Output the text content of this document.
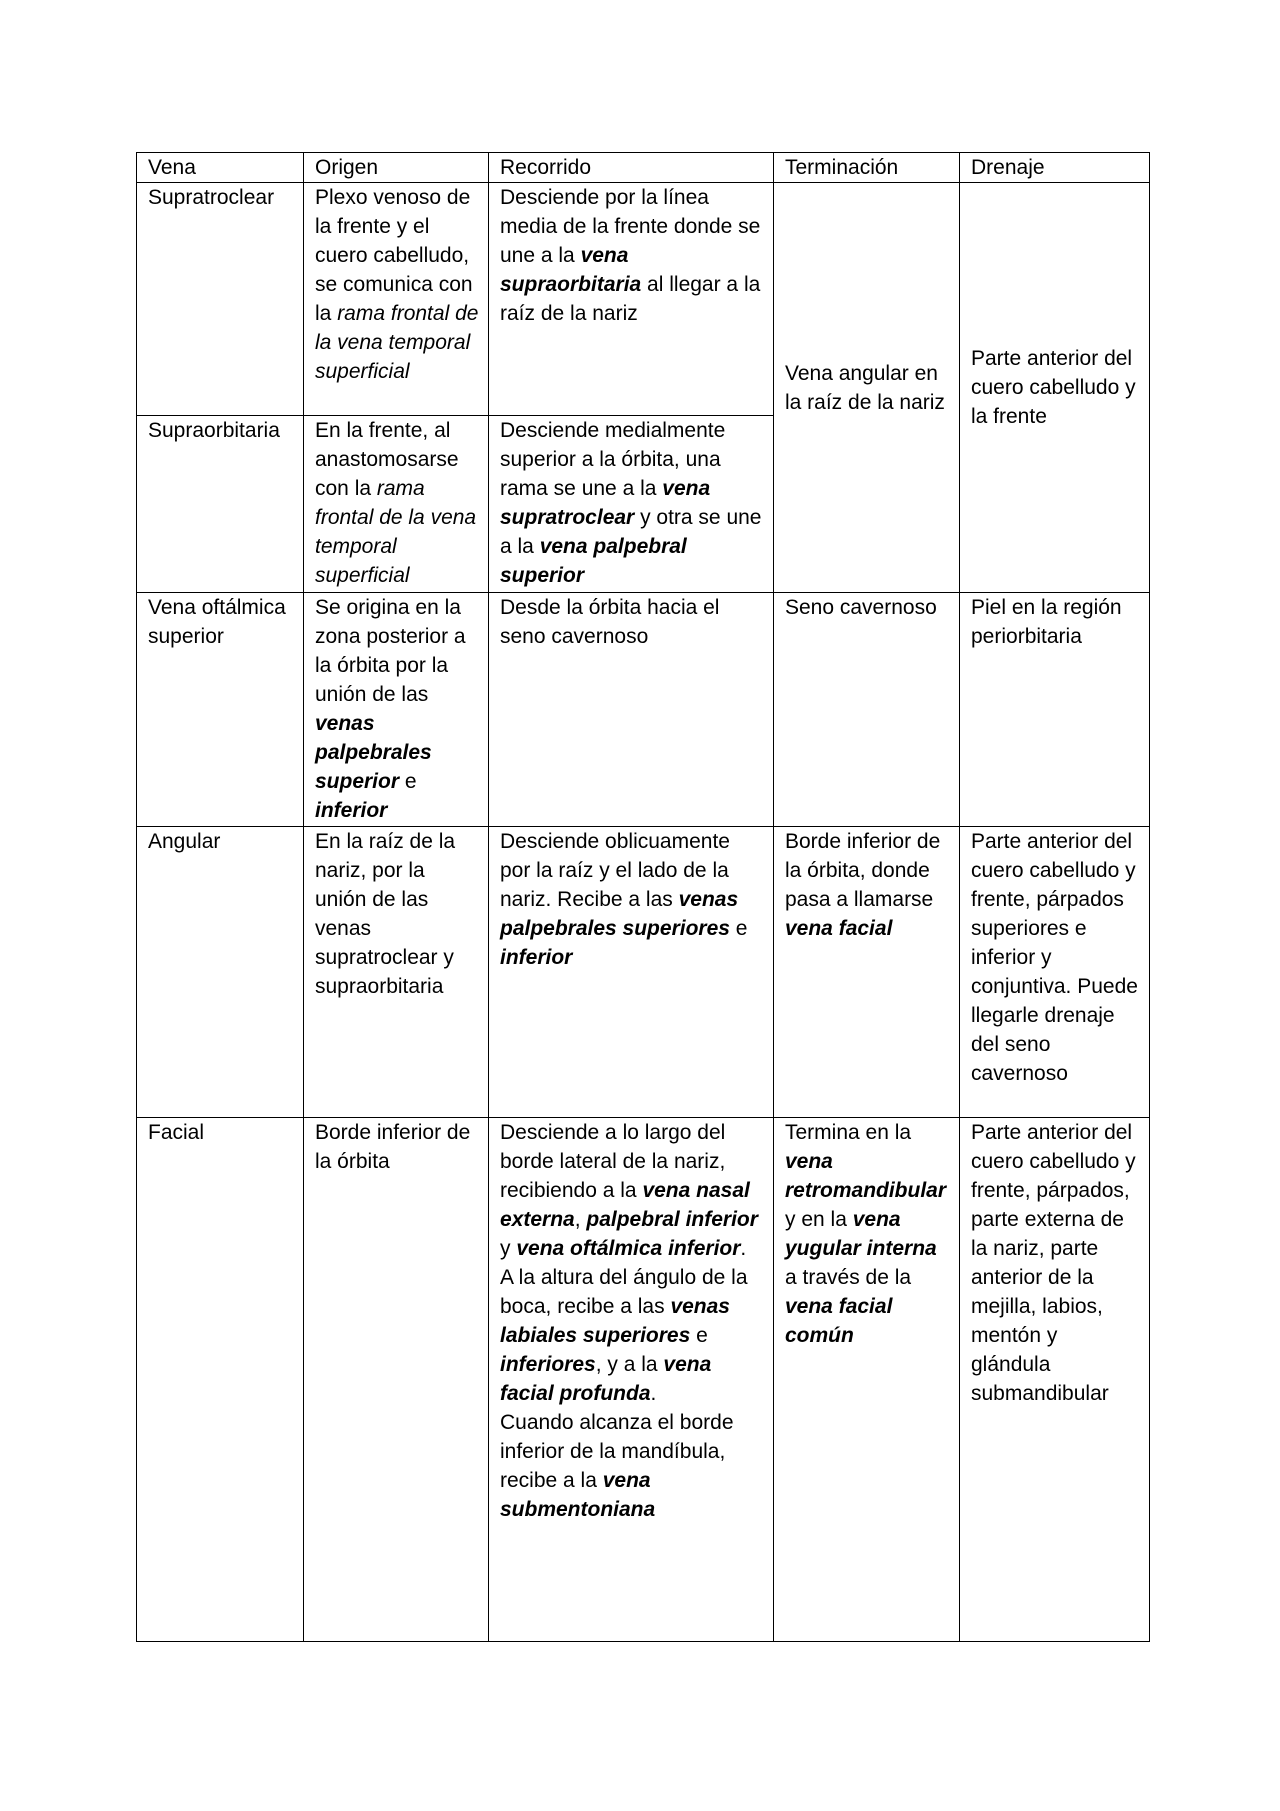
Vena	Origen	Recorrido	Terminación	Drenaje
Supratroclear	Plexo venoso de la frente y el cuero cabelludo, se comunica con la rama frontal de la vena temporal superficial	Desciende por la línea media de la frente donde se une a la vena supraorbitaria al llegar a la raíz de la nariz	Vena angular en la raíz de la nariz	Parte anterior del cuero cabelludo y la frente
Supraorbitaria	En la frente, al anastomosarse con la rama frontal de la vena temporal superficial	Desciende medialmente superior a la órbita, una rama se une a la vena supratroclear y otra se une a la vena palpebral superior		
Vena oftálmica superior	Se origina en la zona posterior a la órbita por la unión de las venas palpebrales superior e inferior	Desde la órbita hacia el seno cavernoso	Seno cavernoso	Piel en la región periorbitaria
Angular	En la raíz de la nariz, por la unión de las venas supratroclear y supraorbitaria	Desciende oblicuamente por la raíz y el lado de la nariz. Recibe a las venas palpebrales superiores e inferior	Borde inferior de la órbita, donde pasa a llamarse vena facial	Parte anterior del cuero cabelludo y frente, párpados superiores e inferior y conjuntiva. Puede llegarle drenaje del seno cavernoso
Facial	Borde inferior de la órbita	Desciende a lo largo del borde lateral de la nariz, recibiendo a la vena nasal externa, palpebral inferior y vena oftálmica inferior.
A la altura del ángulo de la boca, recibe a las venas labiales superiores e inferiores, y a la vena facial profunda.
Cuando alcanza el borde inferior de la mandíbula, recibe a la vena submentoniana	Termina en la vena retromandibular y en la vena yugular interna a través de la vena facial común	Parte anterior del cuero cabelludo y frente, párpados, parte externa de la nariz, parte anterior de la mejilla, labios, mentón y glándula submandibular
